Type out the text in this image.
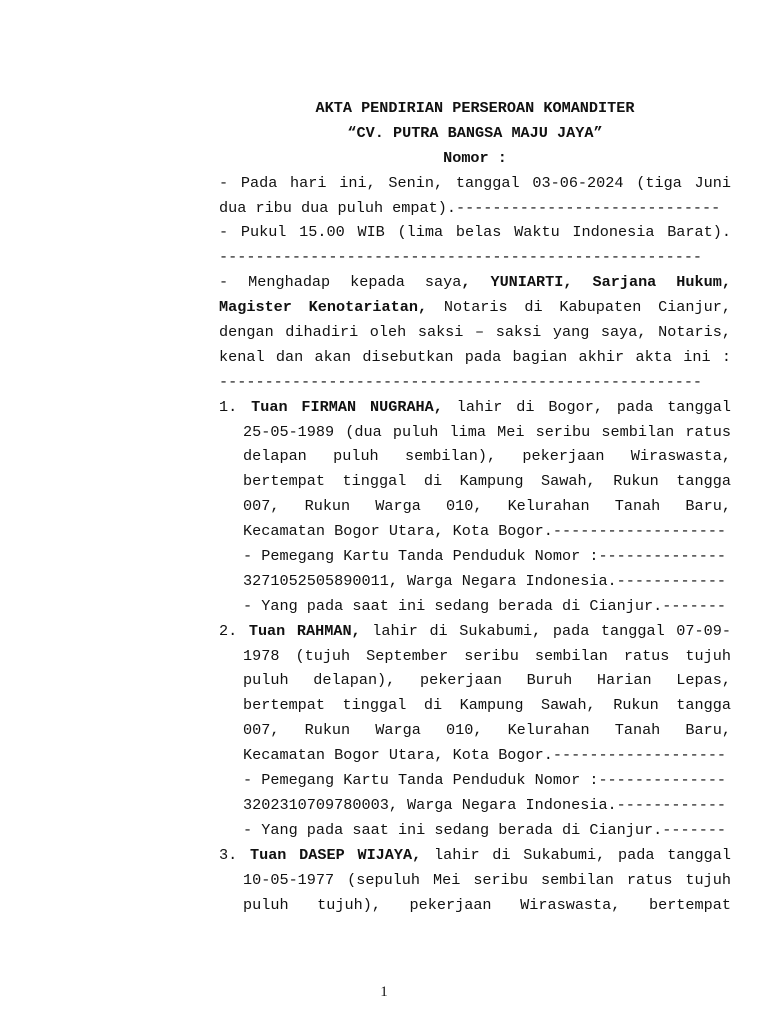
AKTA PENDIRIAN PERSEROAN KOMANDITER
“CV. PUTRA BANGSA MAJU JAYA”
Nomor :
- Pada hari ini, Senin, tanggal 03-06-2024 (tiga Juni
dua ribu dua puluh empat).-----------------------------
- Pukul 15.00 WIB (lima belas Waktu Indonesia Barat).
-----------------------------------------------------
- Menghadap kepada saya, YUNIARTI, Sarjana Hukum,
Magister Kenotariatan, Notaris di Kabupaten Cianjur,
dengan dihadiri oleh saksi – saksi yang saya, Notaris,
kenal dan akan disebutkan pada bagian akhir akta ini :
-----------------------------------------------------
1. Tuan FIRMAN NUGRAHA, lahir di Bogor, pada tanggal
25-05-1989 (dua puluh lima Mei seribu sembilan ratus
delapan puluh sembilan), pekerjaan Wiraswasta,
bertempat tinggal di Kampung Sawah, Rukun tangga
007, Rukun Warga 010, Kelurahan Tanah Baru,
Kecamatan Bogor Utara, Kota Bogor.-------------------
- Pemegang Kartu Tanda Penduduk Nomor :--------------
3271052505890011, Warga Negara Indonesia.------------
- Yang pada saat ini sedang berada di Cianjur.-------
2. Tuan RAHMAN, lahir di Sukabumi, pada tanggal 07-09-
1978 (tujuh September seribu sembilan ratus tujuh
puluh delapan), pekerjaan Buruh Harian Lepas,
bertempat tinggal di Kampung Sawah, Rukun tangga
007, Rukun Warga 010, Kelurahan Tanah Baru,
Kecamatan Bogor Utara, Kota Bogor.-------------------
- Pemegang Kartu Tanda Penduduk Nomor :--------------
3202310709780003, Warga Negara Indonesia.------------
- Yang pada saat ini sedang berada di Cianjur.-------
3. Tuan DASEP WIJAYA, lahir di Sukabumi, pada tanggal
10-05-1977 (sepuluh Mei seribu sembilan ratus tujuh
puluh tujuh), pekerjaan Wiraswasta, bertempat
1
